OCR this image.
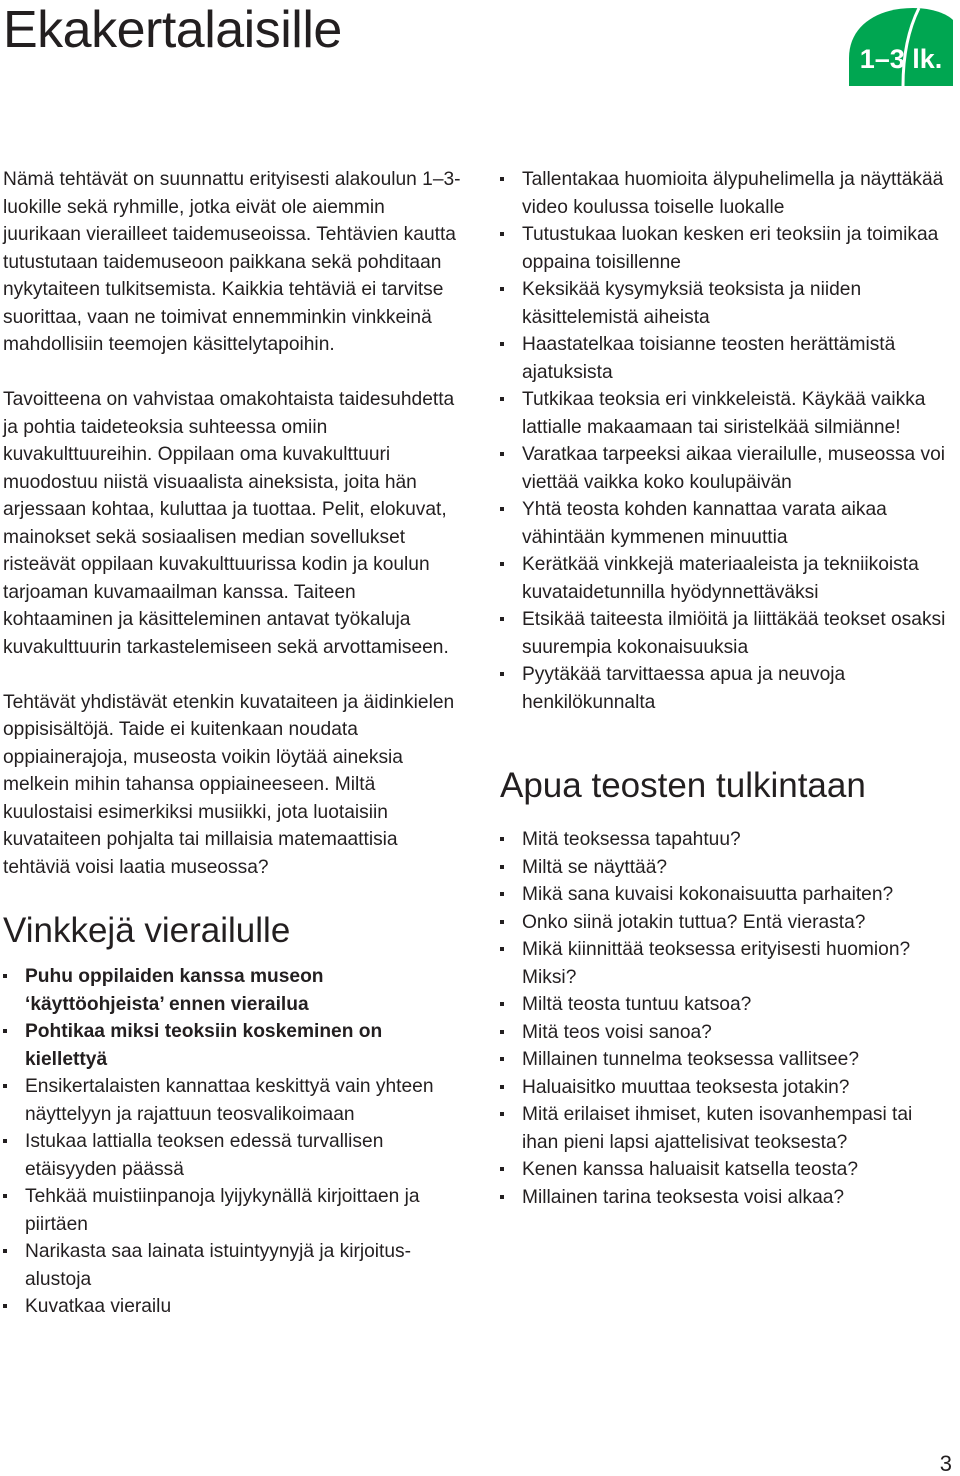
Ekakertalaisille	1–3 lk.

Nämä tehtävät on suunnattu erityisesti alakoulun 1–3-luokille sekä ryhmille, jotka eivät ole aiemmin juurikaan vierailleet taidemuseoissa. Tehtävien kautta tutustutaan taidemuseoon paikkana sekä pohditaan nykytaiteen tulkitsemista. Kaikkia tehtäviä ei tarvitse suorittaa, vaan ne toimivat ennemminkin vinkkeinä mahdollisiin teemojen käsittelytapoihin.

Tavoitteena on vahvistaa omakohtaista taidesuhdetta ja pohtia taideteoksia suhteessa omiin kuvakulttuureihin. Oppilaan oma kuvakulttuuri muodostuu niistä visuaalista aineksista, joita hän arjessaan kohtaa, kuluttaa ja tuottaa. Pelit, elokuvat, mainokset sekä sosiaalisen median sovellukset risteävät oppilaan kuvakulttuurissa kodin ja koulun tarjoaman kuvamaailman kanssa. Taiteen kohtaaminen ja käsitteleminen antavat työkaluja kuvakulttuurin tarkastelemiseen sekä arvottamiseen.

Tehtävät yhdistävät etenkin kuvataiteen ja äidinkielen oppisisältöjä. Taide ei kuitenkaan noudata oppiainerajoja, museosta voikin löytää aineksia melkein mihin tahansa oppiaineeseen. Miltä kuulostaisi esimerkiksi musiikki, jota luotaisiin kuvataiteen pohjalta tai millaisia matemaattisia tehtäviä voisi laatia museossa?

Vinkkejä vierailulle
Puhu oppilaiden kanssa museon ‘käyttöohjeista’ ennen vierailua
Pohtikaa miksi teoksiin koskeminen on kiellettyä
Ensikertalaisten kannattaa keskittyä vain yhteen näyttelyyn ja rajattuun teosvalikoimaan
Istukaa lattialla teoksen edessä turvallisen etäisyyden päässä
Tehkää muistiinpanoja lyijykynällä kirjoittaen ja piirtäen
Narikasta saa lainata istuintyynyjä ja kirjoitusalustoja
Kuvatkaa vierailu
Tallentakaa huomioita älypuhelimella ja näyttäkää video koulussa toiselle luokalle
Tutustukaa luokan kesken eri teoksiin ja toimikaa oppaina toisillenne
Keksikää kysymyksiä teoksista ja niiden käsittelemistä aiheista
Haastatelkaa toisianne teosten herättämistä ajatuksista
Tutkikaa teoksia eri vinkkeleistä. Käykää vaikka lattialle makaamaan tai siristelkää silmiänne!
Varatkaa tarpeeksi aikaa vierailulle, museossa voi viettää vaikka koko koulupäivän
Yhtä teosta kohden kannattaa varata aikaa vähintään kymmenen minuuttia
Kerätkää vinkkejä materiaaleista ja tekniikoista kuvataidetunnilla hyödynnettäväksi
Etsikää taiteesta ilmiöitä ja liittäkää teokset osaksi suurempia kokonaisuuksia
Pyytäkää tarvittaessa apua ja neuvoja henkilökunnalta
Apua teosten tulkintaan
Mitä teoksessa tapahtuu?
Miltä se näyttää?
Mikä sana kuvaisi kokonaisuutta parhaiten?
Onko siinä jotakin tuttua? Entä vierasta?
Mikä kiinnittää teoksessa erityisesti huomion? Miksi?
Miltä teosta tuntuu katsoa?
Mitä teos voisi sanoa?
Millainen tunnelma teoksessa vallitsee?
Haluaisitko muuttaa teoksesta jotakin?
Mitä erilaiset ihmiset, kuten isovanhempasi tai ihan pieni lapsi ajattelisivat teoksesta?
Kenen kanssa haluaisit katsella teosta?
Millainen tarina teoksesta voisi alkaa?
3
